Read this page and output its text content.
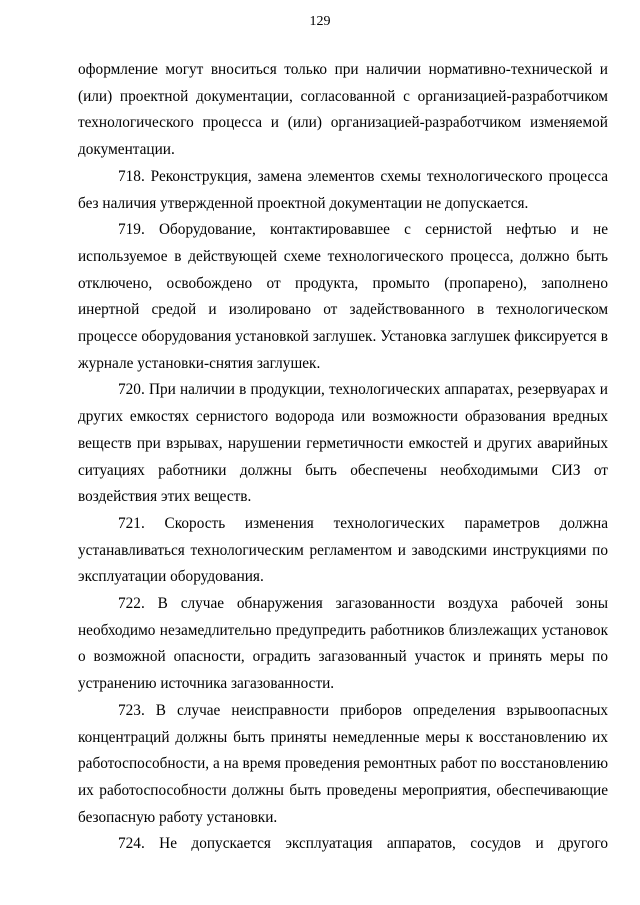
129

оформление могут вноситься только при наличии нормативно-технической и (или) проектной документации, согласованной с организацией-разработчиком технологического процесса и (или) организацией-разработчиком изменяемой документации.

718. Реконструкция, замена элементов схемы технологического процесса без наличия утвержденной проектной документации не допускается.

719. Оборудование, контактировавшее с сернистой нефтью и не используемое в действующей схеме технологического процесса, должно быть отключено, освобождено от продукта, промыто (пропарено), заполнено инертной средой и изолировано от задействованного в технологическом процессе оборудования установкой заглушек. Установка заглушек фиксируется в журнале установки-снятия заглушек.

720. При наличии в продукции, технологических аппаратах, резервуарах и других емкостях сернистого водорода или возможности образования вредных веществ при взрывах, нарушении герметичности емкостей и других аварийных ситуациях работники должны быть обеспечены необходимыми СИЗ от воздействия этих веществ.

721. Скорость изменения технологических параметров должна устанавливаться технологическим регламентом и заводскими инструкциями по эксплуатации оборудования.

722. В случае обнаружения загазованности воздуха рабочей зоны необходимо незамедлительно предупредить работников близлежащих установок о возможной опасности, оградить загазованный участок и принять меры по устранению источника загазованности.

723. В случае неисправности приборов определения взрывоопасных концентраций должны быть приняты немедленные меры к восстановлению их работоспособности, а на время проведения ремонтных работ по восстановлению их работоспособности должны быть проведены мероприятия, обеспечивающие безопасную работу установки.

724. Не допускается эксплуатация аппаратов, сосудов и другого
